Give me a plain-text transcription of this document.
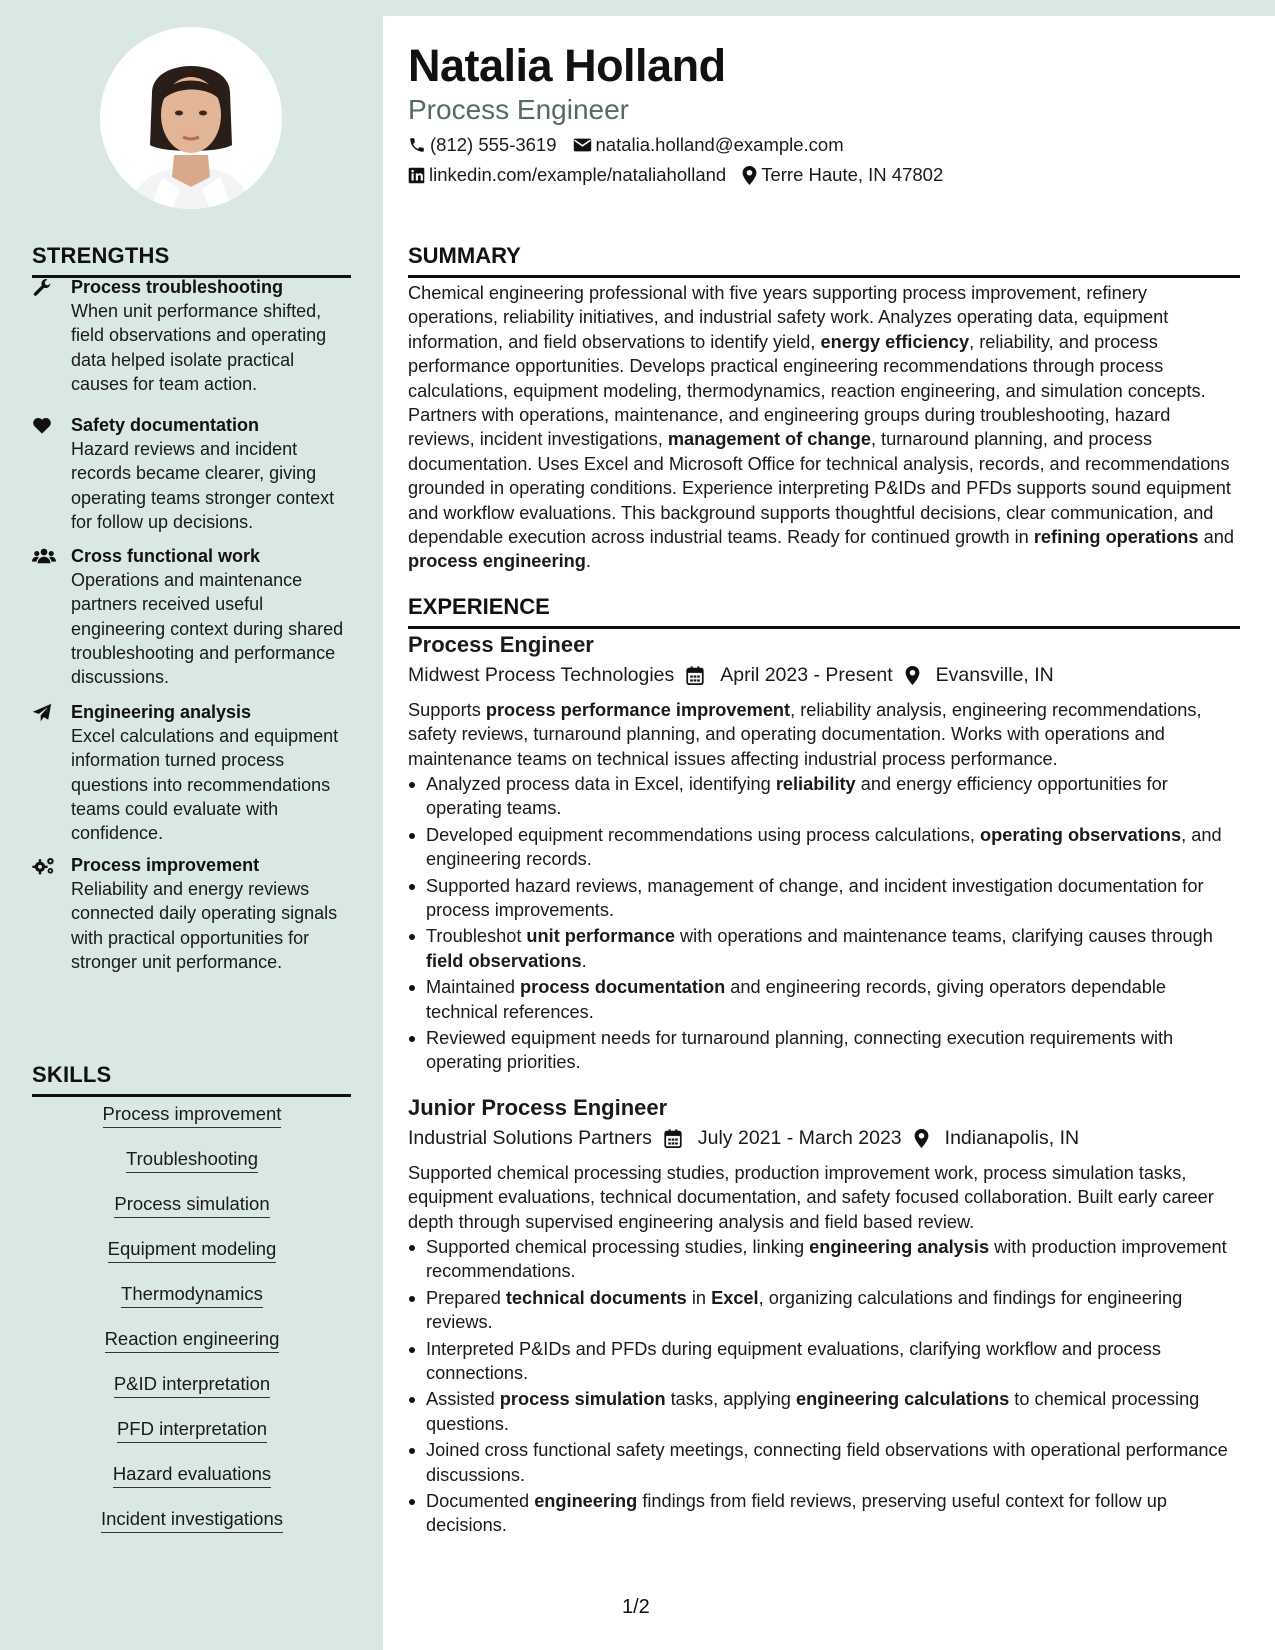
STRENGTHS
Process troubleshooting
When unit performance shifted, field observations and operating data helped isolate practical causes for team action.
Safety documentation
Hazard reviews and incident records became clearer, giving operating teams stronger context for follow up decisions.
Cross functional work
Operations and maintenance partners received useful engineering context during shared troubleshooting and performance discussions.
Engineering analysis
Excel calculations and equipment information turned process questions into recommendations teams could evaluate with confidence.
Process improvement
Reliability and energy reviews connected daily operating signals with practical opportunities for stronger unit performance.
SKILLS
Process improvement
Troubleshooting
Process simulation
Equipment modeling
Thermodynamics
Reaction engineering
P&ID interpretation
PFD interpretation
Hazard evaluations
Incident investigations
Natalia Holland
Process Engineer
(812) 555-3619 natalia.holland@example.com
linkedin.com/example/nataliaholland Terre Haute, IN 47802
SUMMARY
Chemical engineering professional with five years supporting process improvement, refinery operations, reliability initiatives, and industrial safety work. Analyzes operating data, equipment information, and field observations to identify yield, energy efficiency, reliability, and process performance opportunities. Develops practical engineering recommendations through process calculations, equipment modeling, thermodynamics, reaction engineering, and simulation concepts. Partners with operations, maintenance, and engineering groups during troubleshooting, hazard reviews, incident investigations, management of change, turnaround planning, and process documentation. Uses Excel and Microsoft Office for technical analysis, records, and recommendations grounded in operating conditions. Experience interpreting P&IDs and PFDs supports sound equipment and workflow evaluations. This background supports thoughtful decisions, clear communication, and dependable execution across industrial teams. Ready for continued growth in refining operations and process engineering.
EXPERIENCE
Process Engineer
Midwest Process Technologies April 2023 - Present Evansville, IN
Supports process performance improvement, reliability analysis, engineering recommendations, safety reviews, turnaround planning, and operating documentation. Works with operations and maintenance teams on technical issues affecting industrial process performance.
Analyzed process data in Excel, identifying reliability and energy efficiency opportunities for operating teams.
Developed equipment recommendations using process calculations, operating observations, and engineering records.
Supported hazard reviews, management of change, and incident investigation documentation for process improvements.
Troubleshot unit performance with operations and maintenance teams, clarifying causes through field observations.
Maintained process documentation and engineering records, giving operators dependable technical references.
Reviewed equipment needs for turnaround planning, connecting execution requirements with operating priorities.
Junior Process Engineer
Industrial Solutions Partners July 2021 - March 2023 Indianapolis, IN
Supported chemical processing studies, production improvement work, process simulation tasks, equipment evaluations, technical documentation, and safety focused collaboration. Built early career depth through supervised engineering analysis and field based review.
Supported chemical processing studies, linking engineering analysis with production improvement recommendations.
Prepared technical documents in Excel, organizing calculations and findings for engineering reviews.
Interpreted P&IDs and PFDs during equipment evaluations, clarifying workflow and process connections.
Assisted process simulation tasks, applying engineering calculations to chemical processing questions.
Joined cross functional safety meetings, connecting field observations with operational performance discussions.
Documented engineering findings from field reviews, preserving useful context for follow up decisions.
1/2
